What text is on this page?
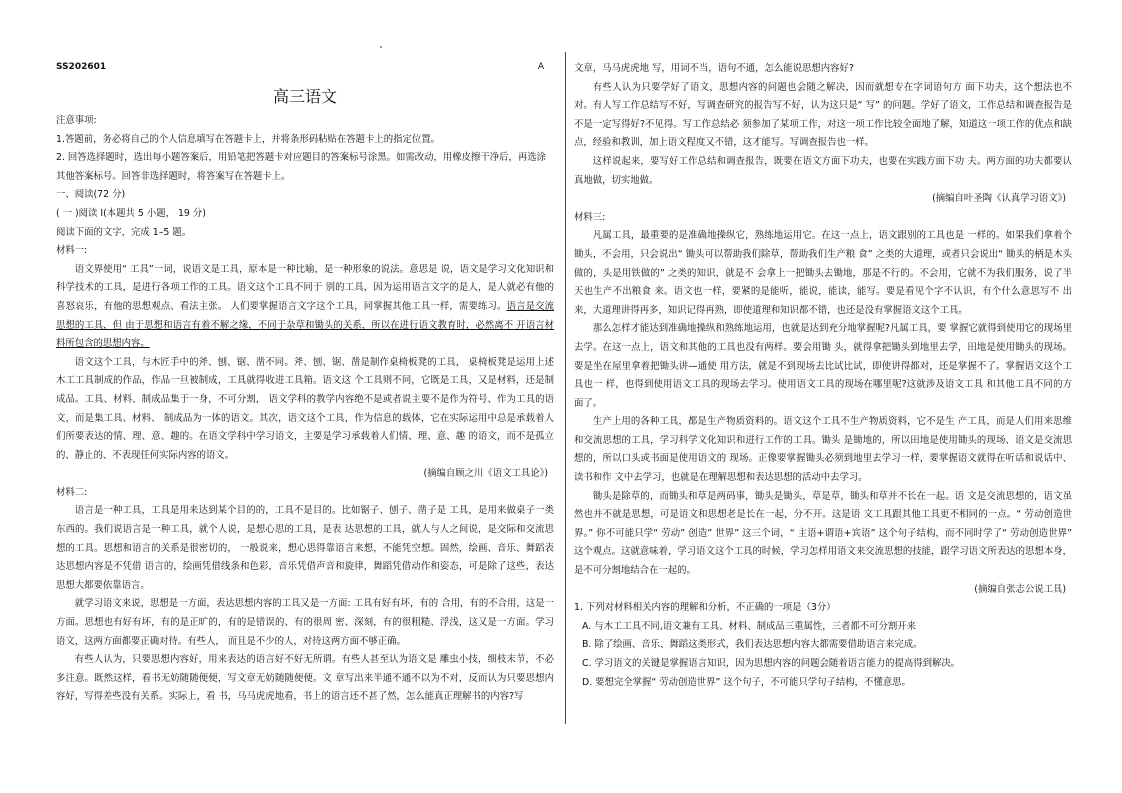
SS202601	A
高三语文

注意事项:

1.答题前，务必将自己的个人信息填写在答题卡上，并将条形码粘贴在答题卡上的指定位置。

2. 回答选择题时，选出每小题答案后，用铅笔把答题卡对应题目的答案标号涂黑。如需改动，用橡皮擦干净后，再选涂其他答案标号。回答非选择题时，将答案写在答题卡上。

一、阅读(72 分)

( 一 )阅读 I(本题共 5 小题， 19 分)

阅读下面的文字，完成 1–5 题。

材料一:

语文界使用“ 工具”一词，说语文是工具，原本是一种比喻，是一种形象的说法。意思是 说，语文是学习文化知识和科学技术的工具，是进行各项工作的工具。语文这个工具不同于 别的工具，因为运用语言文字的是人，是人就必有他的喜怒哀乐，有他的思想观点、看法主张。 人们要掌握语言文字这个工具，同掌握其他工具一样，需要练习。语言是交流思想的工具，但 由于思想和语言有着不解之缘，不同于杂草和锄头的关系，所以在进行语文教育时，必然离不 开语言材料所包含的思想内容。

语文这个工具，与木匠手中的斧、刨、锯、凿不同。斧、刨、锯、凿是制作桌椅板凳的工具， 桌椅板凳是运用上述木工工具制成的作品，作品一旦被制成，工具就得收进工具箱。语文这 个工具则不同，它既是工具，又是材料，还是制成品。工具、材料、制成品集于一身，不可分割， 语文学科的教学内容绝不是或者说主要不是作为符号、作为工具的语文，而是集工具、材料、 制成品为一体的语文。其次，语文这个工具，作为信息的载体，它在实际运用中总是承载着人 们所要表达的情、理、意、趣的。在语文学科中学习语文，主要是学习承载着人们情、理、意、趣 的语文，而不是孤立的、静止的、不表现任何实际内容的语文。

(摘编自顾之川《语文工具论》)

材料二:

语言是一种工具，工具是用来达到某个目的的，工具不是目的。比如锯子、刨子、凿子是 工具，是用来做桌子一类东西的。我们说语言是一种工具，就个人说，是想心思的工具，是表 达思想的工具，就人与人之间说，是交际和交流思想的工具。思想和语言的关系是很密切的， 一般说来，想心思得靠语言来想，不能凭空想。固然，绘画、音乐、舞蹈表达思想内容是不凭借 语言的，绘画凭借线条和色彩，音乐凭借声音和旋律，舞蹈凭借动作和姿态，可是除了这些，表达思想大都要依靠语言。

就学习语文来说，思想是一方面，表达思想内容的工具又是一方面: 工具有好有坏，有的 合用，有的不合用，这是一方面。思想也有好有坏，有的是正旷的，有的是错误的、有的很周 密、深刻，有的很粗糙、浮浅，这又是一方面。学习语文，这两方面都要正确对待。有些人， 而且是不少的人，对待这两方面不够正确。

有些人认为，只要思想内容好，用来表达的语言好不好无所谓。有些人甚至认为语文是 雕虫小技，细枝末节，不必多注意。既然这样，看书无妨随随便便，写文章无妨随随便便。文 章写出来半通不通不以为不对，反而认为只要思想内容好，写得差些没有关系。实际上，看 书，马马虎虎地看，书上的语言还不甚了然，怎么能真正理解书的内容?写

文章，马马虎虎地 写，用词不当，语句不通，怎么能说思想内容好?

有些人认为只要学好了语文，思想内容的问题也会随之解决，因而就想专在字词语句方 面下功夫，这个想法也不对。有人写工作总结写不好，写调查研究的报告写不好，认为这只是“ 写” 的问题。学好了语文，工作总结和调查报告是不是一定写得好?不见得。写工作总结必 须参加了某项工作，对这一项工作比较全面地了解，知道这一项工作的优点和缺点，经验和教训，加上语文程度又不错，这才能写。写调查报告也一样。

这样说起来，要写好工作总结和调查报告，既要在语文方面下功夫，也要在实践方面下功 夫。两方面的功夫都要认真地做，切实地做。

(摘编自叶圣陶《认真学习语文》)

材料三:

凡属工具，最重要的是准确地操纵它，熟练地运用它。在这一点上，语文跟别的工具也是 一样的。如果我们拿着个锄头，不会用，只会说出“ 锄头可以帮助我们除草，帮助我们生产粮 食” 之类的大道理，或者只会说出“ 锄头的柄是木头做的，头是用铁做的” 之类的知识，就是不 会拿上一把锄头去锄地，那是不行的。不会用，它就不为我们服务，说了半天也生产不出粮食 来。语文也一样，要紧的是能听，能说，能读，能写。要是看见个字不认识，有个什么意思写不 出来，大道理讲得再多，知识记得再熟，即使道理和知识都不错，也还是没有掌握语文这个工具。

那么怎样才能达到准确地操纵和熟练地运用，也就是达到充分地掌握呢?凡属工具，要 掌握它就得到使用它的现场里去学。在这一点上，语文和其他的工具也没有两样。要会用锄 头，就得拿把锄头到地里去学，田地是使用锄头的现场。要是坐在屋里拿着把锄头讲—通使 用方法，就是不到现场去比试比试，即使讲得都对，还是掌握不了。掌握语文这个工具也一 样，也得到使用语文工具的现场去学习。使用语文工具的现场在哪里呢?这就涉及语文工具 和其他工具不同的方面了。

生产上用的各种工具，都是生产物质资料的。语文这个工具不生产物质资料，它不是生 产工具，而是人们用来思维和交流思想的工具，学习科学文化知识和进行工作的工具。锄头 是锄地的，所以田地是使用锄头的现场、语文是交流思想的，所以口头或书面是使用语文的 现场。正像要掌握锄头必须到地里去学习一样，要掌握语文就得在听话和说话中、读书和作 文中去学习，也就是在理解思想和表达思想的活动中去学习。

锄头是除草的，而锄头和草是两码事，锄头是锄头，草是草，锄头和草并不长在一起。语 文是交流思想的，语文虽然也并不就是思想，可是语文和思想老是长在一起，分不开。这是语 文工具跟其他工具更不相同的一点。“ 劳动创造世界。” 你不可能只学“ 劳动” 创造” 世界” 这三个词，“ 主语+谓语+宾语” 这个句子结构，而不同时学了“ 劳动创造世界” 这个观点。这就意味着，学习语文这个工具的时候，学习怎样用语文来交流思想的技能，跟学习语文所表达的思想本身，是不可分割地结合在一起的。

(摘编自张志公说工具)

1. 下列对材料相关内容的理解和分析，不正确的一项是（3分）

A. 与木工工具不同,语文兼有工具、材料、制成品三重属性，三者都不可分割开来

B. 除了绘画、音乐、舞蹈这类形式，我们表达思想内容大都需要借助语言来完成。

C. 学习语文的关键是掌握语言知识，因为思想内容的问题会随着语言能力的提高得到解决。

D. 要想完全掌握“ 劳动创造世界” 这个句子，不可能只学句子结构，不懂意思。
